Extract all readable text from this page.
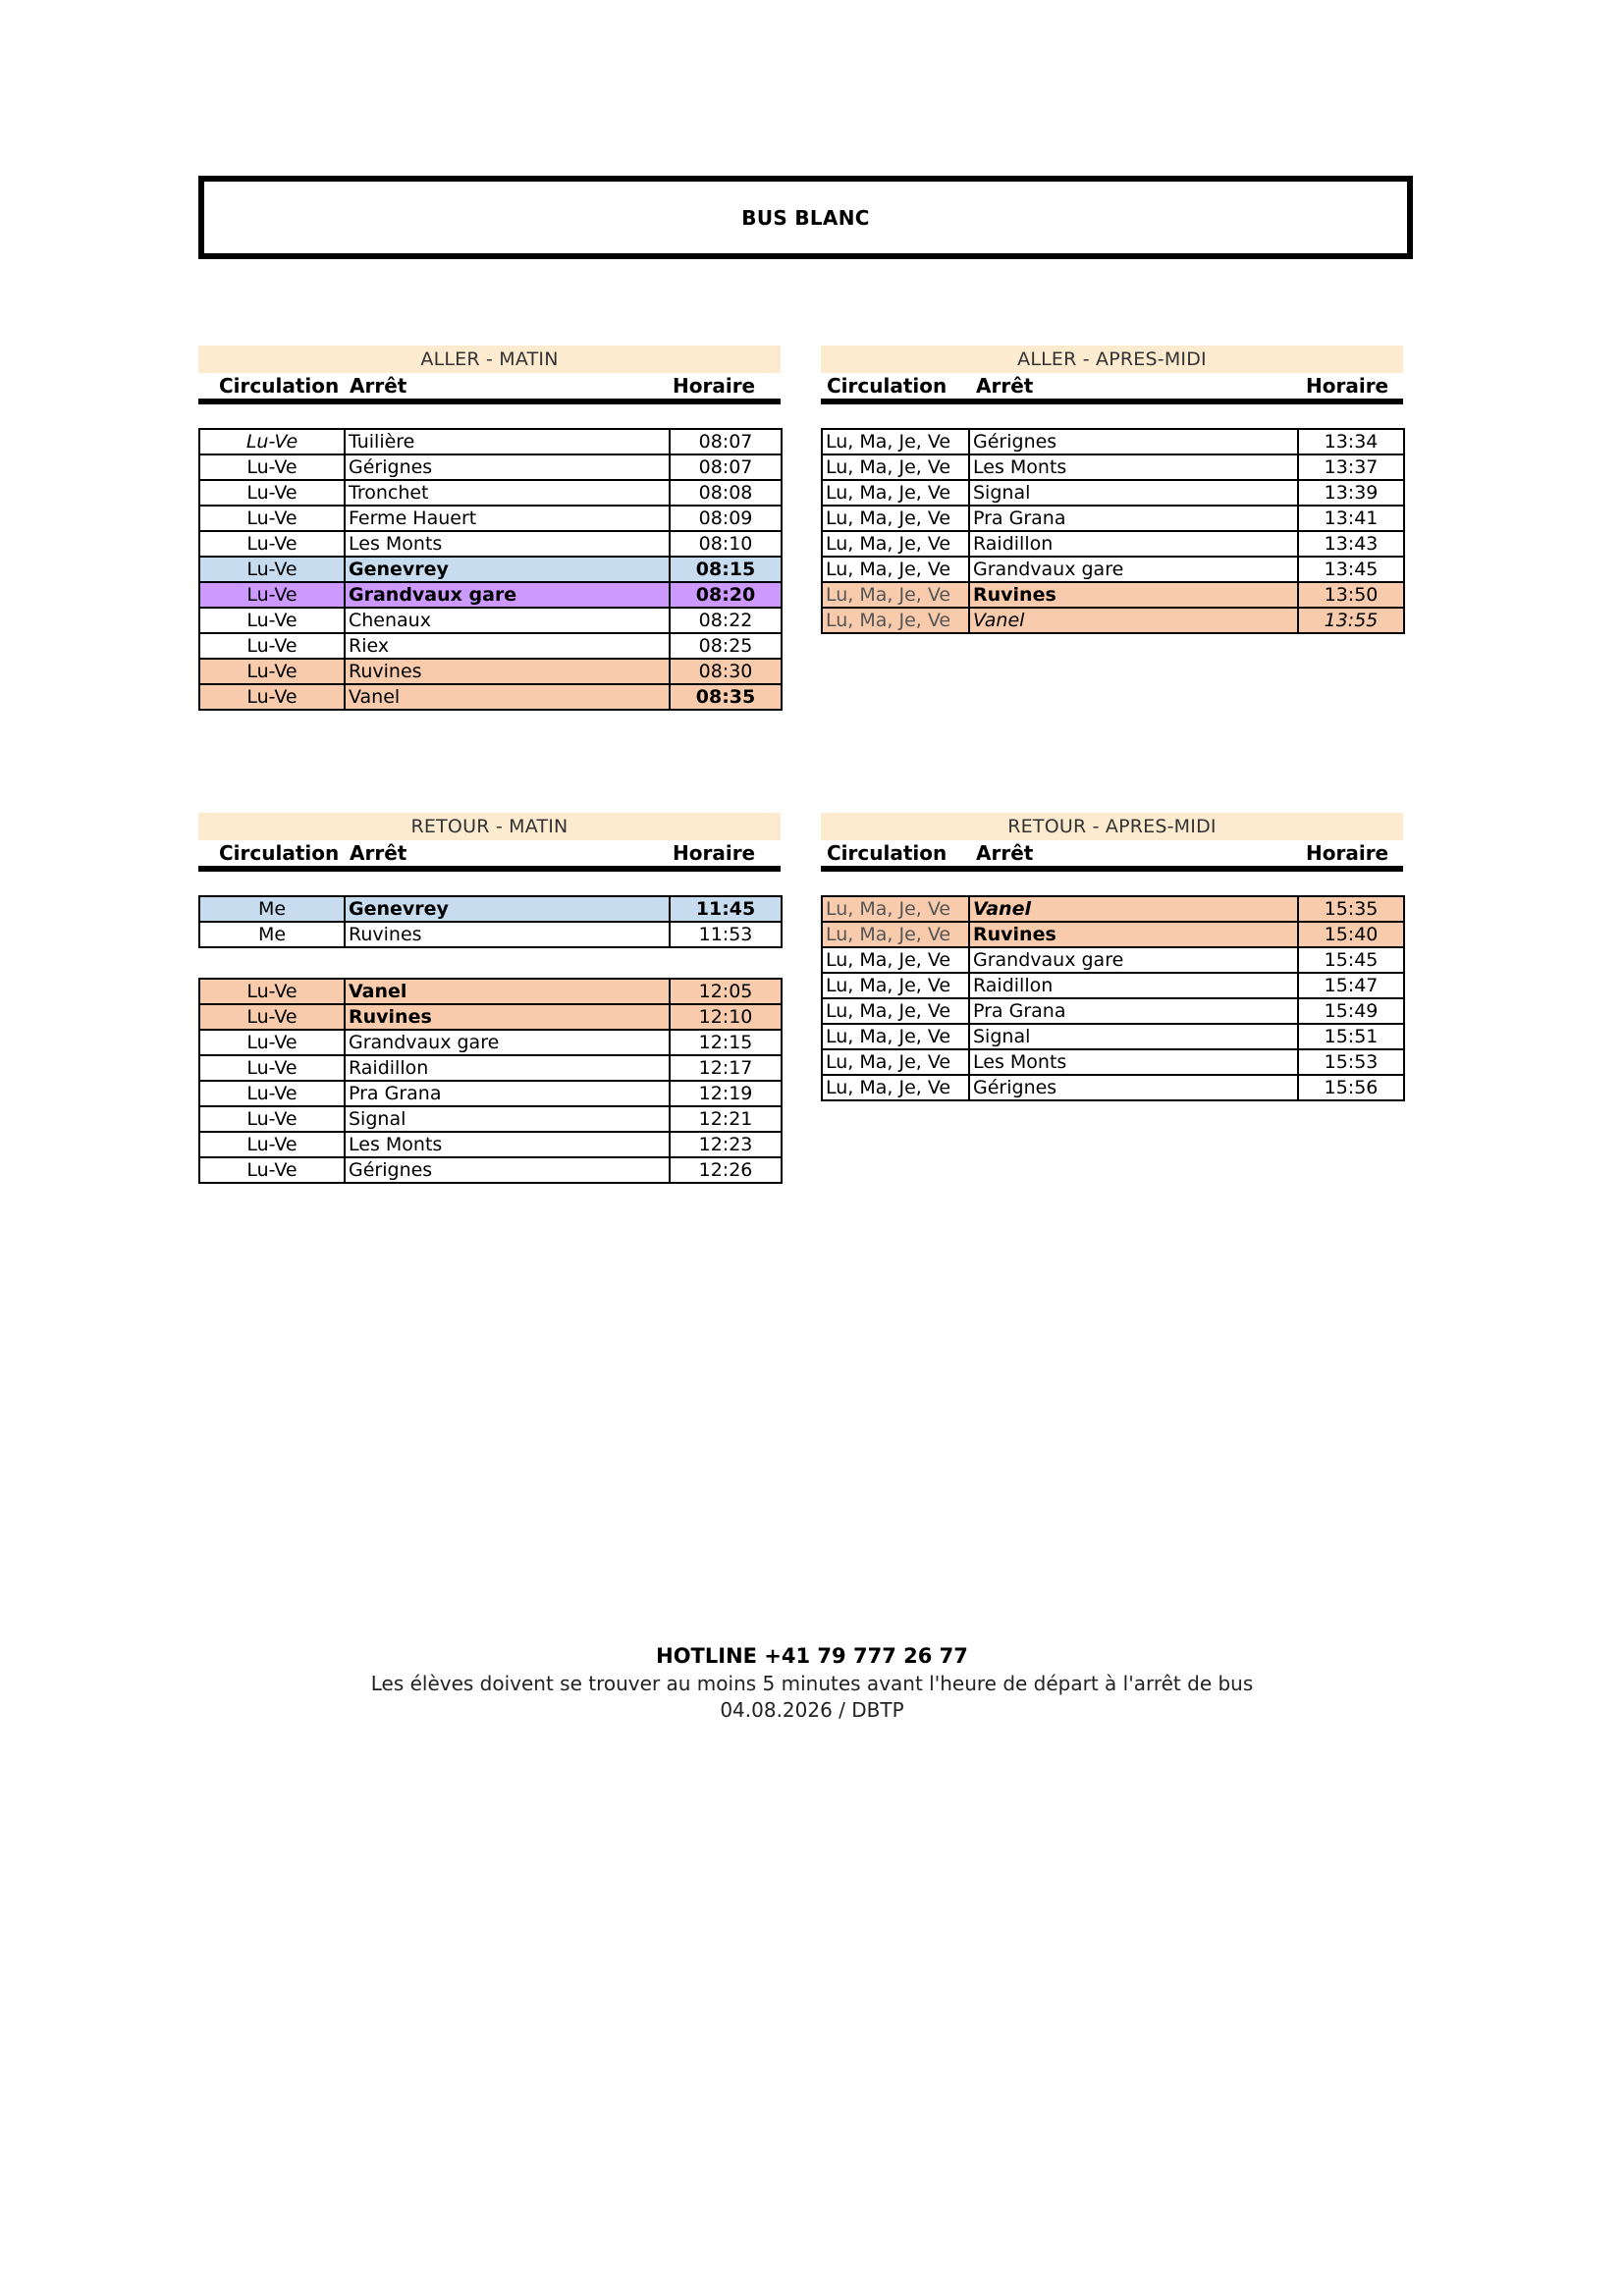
BUS BLANC
ALLER - MATIN
Circulation Arrêt	Horaire
Lu-Ve	Tuilière	08:07
Lu-Ve	Gérignes	08:07
Lu-Ve	Tronchet	08:08
Lu-Ve	Ferme Hauert	08:09
Lu-Ve	Les Monts	08:10
Lu-Ve	Genevrey	08:15
Lu-Ve	Grandvaux gare	08:20
Lu-Ve	Chenaux	08:22
Lu-Ve	Riex	08:25
Lu-Ve	Ruvines	08:30
Lu-Ve	Vanel	08:35
ALLER - APRES-MIDI
Circulation Arrêt	Horaire
Lu, Ma, Je, Ve	Gérignes	13:34
Lu, Ma, Je, Ve	Les Monts	13:37
Lu, Ma, Je, Ve	Signal	13:39
Lu, Ma, Je, Ve	Pra Grana	13:41
Lu, Ma, Je, Ve	Raidillon	13:43
Lu, Ma, Je, Ve	Grandvaux gare	13:45
Lu, Ma, Je, Ve	Ruvines	13:50
Lu, Ma, Je, Ve	Vanel	13:55
RETOUR - MATIN
Circulation Arrêt	Horaire
Me	Genevrey	11:45
Me	Ruvines	11:53
Lu-Ve	Vanel	12:05
Lu-Ve	Ruvines	12:10
Lu-Ve	Grandvaux gare	12:15
Lu-Ve	Raidillon	12:17
Lu-Ve	Pra Grana	12:19
Lu-Ve	Signal	12:21
Lu-Ve	Les Monts	12:23
Lu-Ve	Gérignes	12:26
RETOUR - APRES-MIDI
Circulation Arrêt	Horaire
Lu, Ma, Je, Ve	Vanel	15:35
Lu, Ma, Je, Ve	Ruvines	15:40
Lu, Ma, Je, Ve	Grandvaux gare	15:45
Lu, Ma, Je, Ve	Raidillon	15:47
Lu, Ma, Je, Ve	Pra Grana	15:49
Lu, Ma, Je, Ve	Signal	15:51
Lu, Ma, Je, Ve	Les Monts	15:53
Lu, Ma, Je, Ve	Gérignes	15:56
HOTLINE +41 79 777 26 77
Les élèves doivent se trouver au moins 5 minutes avant l'heure de départ à l'arrêt de bus
04.08.2026 / DBTP
